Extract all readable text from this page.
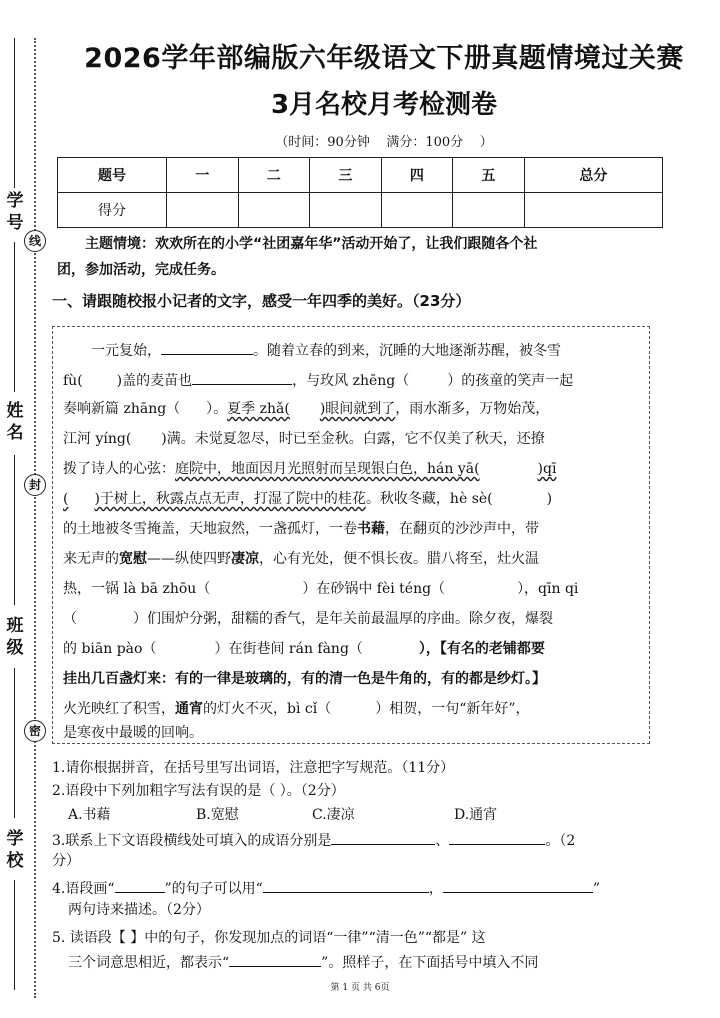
学号
姓名
班级
学校
线
封
密
2026学年部编版六年级语文下册真题情境过关赛
3月名校月考检测卷
（时间：90分钟    满分：100分    ）
题号	一	二	三	四	五	总分
得分						
主题情境：欢欢所在的小学“社团嘉年华”活动开始了，让我们跟随各个社
团，参加活动，完成任务。
一、请跟随校报小记者的文字，感受一年四季的美好。（23分）
一元复始，	。随着立春的到来，沉睡的大地逐渐苏醒，被冬雪
fù( )盖的麦苗也	，与玫风 zhēng（	）的孩童的笑声一起
奏响新篇 zhāng（ ）。夏季 zhǎ( )眼间就到了，雨水渐多，万物始茂，
江河 yíng( )满。未觉夏忽尽，时已至金秋。白露，它不仅美了秋天，还撩
拨了诗人的心弦：庭院中，地面因月光照射而呈现银白色，hán yā(	)qī
( )于树上，秋露点点无声，打湿了院中的桂花。秋收冬藏，hè sè(	)
的土地被冬雪掩盖，天地寂然，一盏孤灯，一卷书藉，在翻页的沙沙声中，带
来无声的宽慰——纵使四野凄凉，心有光处，便不惧长夜。腊八将至，灶火温
热，一锅 là bā zhōu（	）在砂锅中 fèi téng（	），qīn qi
（	）们围炉分粥，甜糯的香气，是年关前最温厚的序曲。除夕夜，爆裂
的 biān pào（	）在街巷间 rán fàng（	），【有名的老铺都要
挂出几百盏灯来：有的一律是玻璃的，有的清一色是牛角的，有的都是纱灯。】
火光映红了积雪，通宵的灯火不灭，bì cǐ（	）相贺，一句“新年好”，
是寒夜中最暖的回响。
1.请你根据拼音，在括号里写出词语，注意把字写规范。（11分）
2.语段中下列加粗字写法有误的是（ ）。（2分）
A.书藉	B.宽慰	C.凄凉	D.通宵
3.联系上下文语段横线处可填入的成语分别是	、	。（2
分）
4.语段画“	”的句子可以用“	，	”
两句诗来描述。（2分）
5. 读语段【 】中的句子，你发现加点的词语“一律”“清一色”“都是” 这
三个词意思相近，都表示“	”。照样子，在下面括号中填入不同
第 1 页 共 6页
